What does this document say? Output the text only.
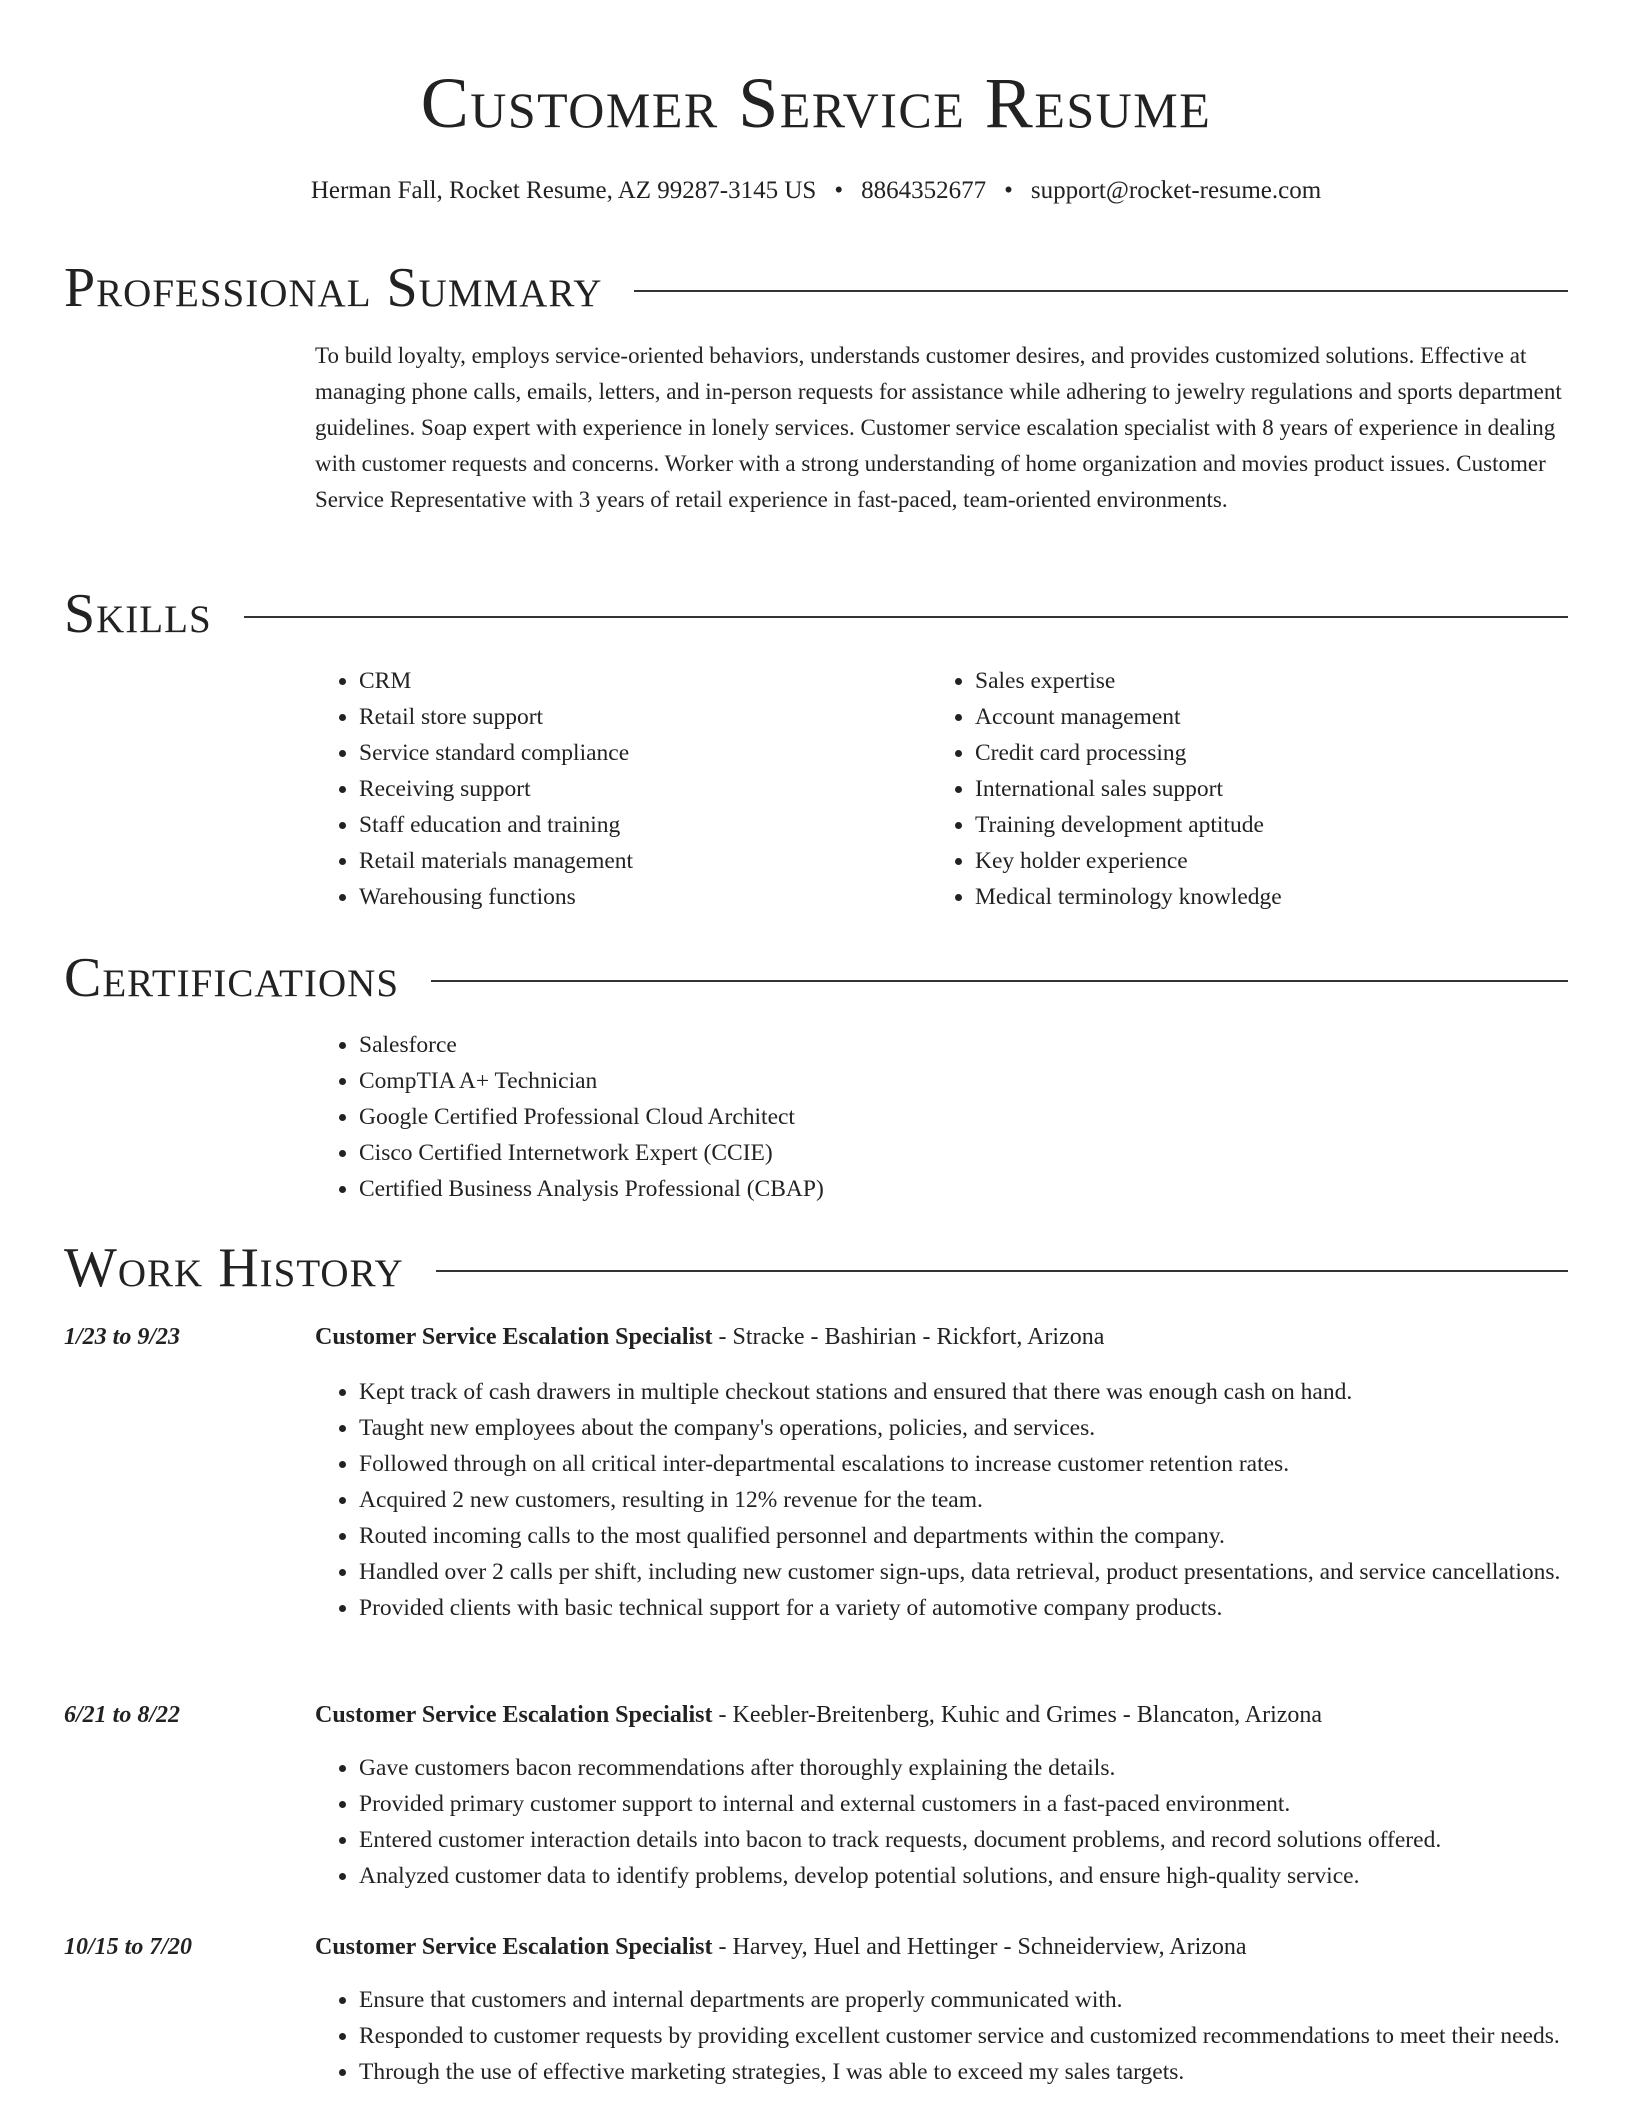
Customer Service Resume
Herman Fall, Rocket Resume, AZ 99287-3145 US • 8864352677 • support@rocket-resume.com
Professional Summary

To build loyalty, employs service-oriented behaviors, understands customer desires, and provides customized solutions. Effective at managing phone calls, emails, letters, and in-person requests for assistance while adhering to jewelry regulations and sports department guidelines. Soap expert with experience in lonely services. Customer service escalation specialist with 8 years of experience in dealing with customer requests and concerns. Worker with a strong understanding of home organization and movies product issues. Customer Service Representative with 3 years of retail experience in fast-paced, team-oriented environments.

Skills
• CRM
• Retail store support
• Service standard compliance
• Receiving support
• Staff education and training
• Retail materials management
• Warehousing functions
• Sales expertise
• Account management
• Credit card processing
• International sales support
• Training development aptitude
• Key holder experience
• Medical terminology knowledge
Certifications
• Salesforce
• CompTIA A+ Technician
• Google Certified Professional Cloud Architect
• Cisco Certified Internetwork Expert (CCIE)
• Certified Business Analysis Professional (CBAP)
Work History
1/23 to 9/23	Customer Service Escalation Specialist - Stracke - Bashirian - Rickfort, Arizona
• Kept track of cash drawers in multiple checkout stations and ensured that there was enough cash on hand.
• Taught new employees about the company's operations, policies, and services.
• Followed through on all critical inter-departmental escalations to increase customer retention rates.
• Acquired 2 new customers, resulting in 12% revenue for the team.
• Routed incoming calls to the most qualified personnel and departments within the company.
• Handled over 2 calls per shift, including new customer sign-ups, data retrieval, product presentations, and service cancellations.
• Provided clients with basic technical support for a variety of automotive company products.
6/21 to 8/22	Customer Service Escalation Specialist - Keebler-Breitenberg, Kuhic and Grimes - Blancaton, Arizona
• Gave customers bacon recommendations after thoroughly explaining the details.
• Provided primary customer support to internal and external customers in a fast-paced environment.
• Entered customer interaction details into bacon to track requests, document problems, and record solutions offered.
• Analyzed customer data to identify problems, develop potential solutions, and ensure high-quality service.
10/15 to 7/20	Customer Service Escalation Specialist - Harvey, Huel and Hettinger - Schneiderview, Arizona
• Ensure that customers and internal departments are properly communicated with.
• Responded to customer requests by providing excellent customer service and customized recommendations to meet their needs.
• Through the use of effective marketing strategies, I was able to exceed my sales targets.
